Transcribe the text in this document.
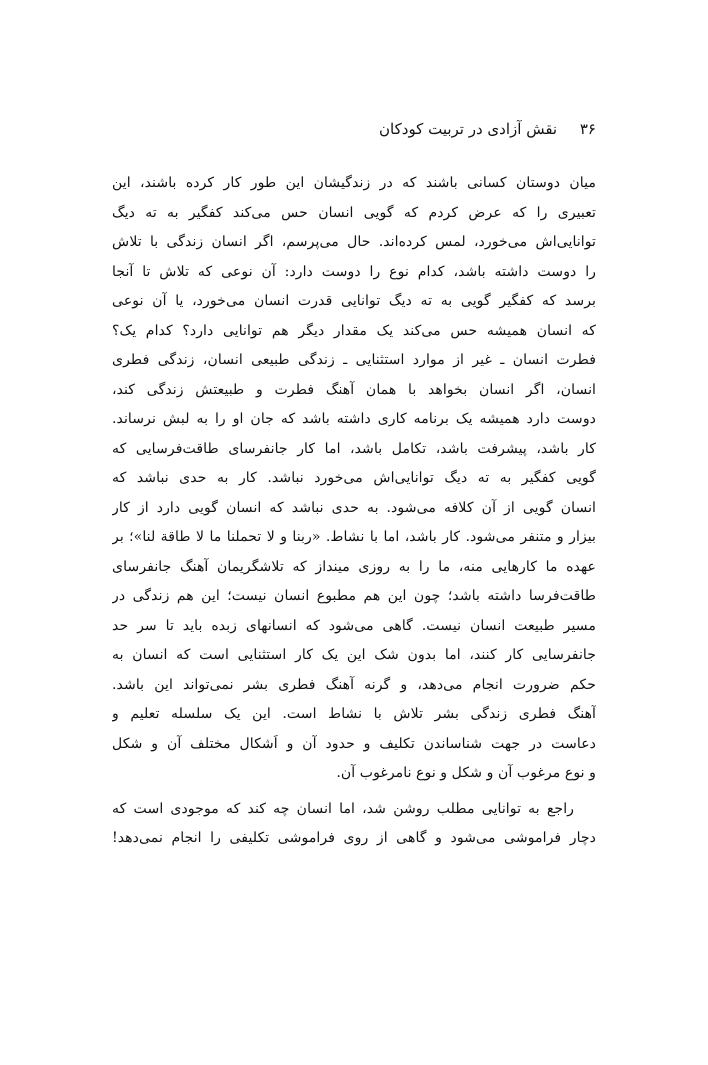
۳۶ نقش آزادی در تربیت کودکان
میان دوستان کسانی باشند که در زندگیشان این طور کار کرده باشند، این
تعبیری را که عرض کردم که گویی انسان حس می‌کند کفگیر به ته دیگ
توانایی‌اش می‌خورد، لمس کرده‌اند. حال می‌پرسم، اگر انسان زندگی با تلاش
را دوست داشته باشد، کدام نوع را دوست دارد: آن نوعی که تلاش تا آنجا
برسد که کفگیر گویی به ته دیگ توانایی قدرت انسان می‌خورد، یا آن نوعی
که انسان همیشه حس می‌کند یک مقدار دیگر هم توانایی دارد؟ کدام یک؟
فطرت انسان ـ غیر از موارد استثنایی ـ زندگی طبیعی انسان، زندگی فطری
انسان، اگر انسان بخواهد با همان آهنگ فطرت و طبیعتش زندگی کند،
دوست دارد همیشه یک برنامه کاری داشته باشد که جان او را به لبش نرساند.
کار باشد، پیشرفت باشد، تکامل باشد، اما کار جانفرسای طاقت‌فرسایی که
گویی کفگیر به ته دیگ توانایی‌اش می‌خورد نباشد. کار به حدی نباشد که
انسان گویی از آن کلافه می‌شود. به حدی نباشد که انسان گویی دارد از کار
بیزار و متنفر می‌شود. کار باشد، اما با نشاط. «ربنا و لا تحملنا ما لا طاقة لنا»؛ بر
عهده ما کارهایی منه، ما را به روزی مینداز که تلاشگریمان آهنگ جانفرسای
طاقت‌فرسا داشته باشد؛ چون این هم مطبوع انسان نیست؛ این هم زندگی در
مسیر طبیعت انسان نیست. گاهی می‌شود که انسانهای زبده باید تا سر حد
جانفرسایی کار کنند، اما بدون شک این یک کار استثنایی است که انسان به
حکم ضرورت انجام می‌دهد، و گرنه آهنگ فطری بشر نمی‌تواند این باشد.
آهنگ فطری زندگی بشر تلاش با نشاط است. این یک سلسله تعلیم و
دعاست در جهت شناساندن تکلیف و حدود آن و اَشکال مختلف آن و شکل
و نوع مرغوب آن و شکل و نوع نامرغوب آن.
راجع به توانایی مطلب روشن شد، اما انسان چه کند که موجودی است که
دچار فراموشی می‌شود و گاهی از روی فراموشی تکلیفی را انجام نمی‌دهد!
